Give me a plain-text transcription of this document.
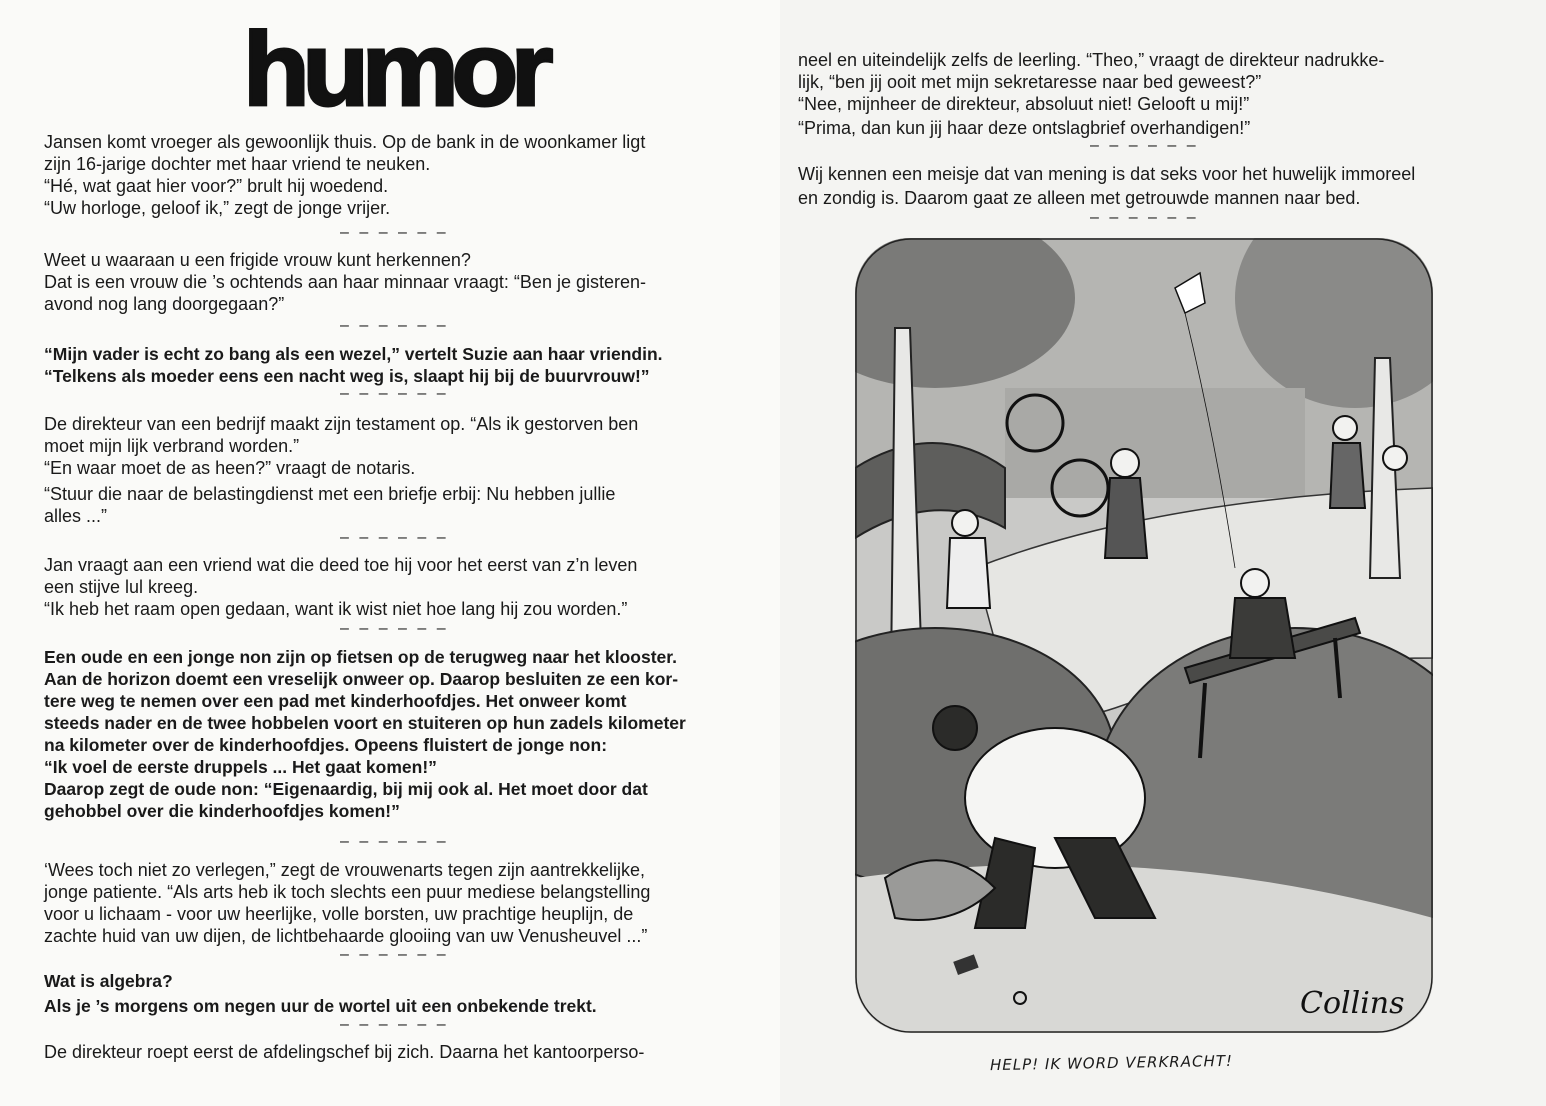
humor
Jansen komt vroeger als gewoonlijk thuis. Op de bank in de woonkamer ligt
zijn 16-jarige dochter met haar vriend te neuken.
“Hé, wat gaat hier voor?” brult hij woedend.
“Uw horloge, geloof ik,” zegt de jonge vrijer.
– – – – – –
Weet u waaraan u een frigide vrouw kunt herkennen?
Dat is een vrouw die ’s ochtends aan haar minnaar vraagt: “Ben je gisteren-
avond nog lang doorgegaan?”
– – – – – –
“Mijn vader is echt zo bang als een wezel,” vertelt Suzie aan haar vriendin.
“Telkens als moeder eens een nacht weg is, slaapt hij bij de buurvrouw!”
– – – – – –
De direkteur van een bedrijf maakt zijn testament op. “Als ik gestorven ben
moet mijn lijk verbrand worden.”
“En waar moet de as heen?” vraagt de notaris.
“Stuur die naar de belastingdienst met een briefje erbij: Nu hebben jullie
alles ...”
– – – – – –
Jan vraagt aan een vriend wat die deed toe hij voor het eerst van z’n leven
een stijve lul kreeg.
“Ik heb het raam open gedaan, want ik wist niet hoe lang hij zou worden.”
– – – – – –
Een oude en een jonge non zijn op fietsen op de terugweg naar het klooster.
Aan de horizon doemt een vreselijk onweer op. Daarop besluiten ze een kor-
tere weg te nemen over een pad met kinderhoofdjes. Het onweer komt
steeds nader en de twee hobbelen voort en stuiteren op hun zadels kilometer
na kilometer over de kinderhoofdjes. Opeens fluistert de jonge non:
“Ik voel de eerste druppels ... Het gaat komen!”
Daarop zegt de oude non: “Eigenaardig, bij mij ook al. Het moet door dat
gehobbel over die kinderhoofdjes komen!”
– – – – – –
‘Wees toch niet zo verlegen,” zegt de vrouwenarts tegen zijn aantrekkelijke,
jonge patiente. “Als arts heb ik toch slechts een puur mediese belangstelling
voor u lichaam - voor uw heerlijke, volle borsten, uw prachtige heuplijn, de
zachte huid van uw dijen, de lichtbehaarde glooiing van uw Venusheuvel ...”
– – – – – –
Wat is algebra?
Als je ’s morgens om negen uur de wortel uit een onbekende trekt.
– – – – – –
De direkteur roept eerst de afdelingschef bij zich. Daarna het kantoorperso-
neel en uiteindelijk zelfs de leerling. “Theo,” vraagt de direkteur nadrukke-
lijk, “ben jij ooit met mijn sekretaresse naar bed geweest?”
“Nee, mijnheer de direkteur, absoluut niet! Gelooft u mij!”
“Prima, dan kun jij haar deze ontslagbrief overhandigen!”
– – – – – –
Wij kennen een meisje dat van mening is dat seks voor het huwelijk immoreel
en zondig is. Daarom gaat ze alleen met getrouwde mannen naar bed.
– – – – – –
Collins
HELP! IK WORD VERKRACHT!
